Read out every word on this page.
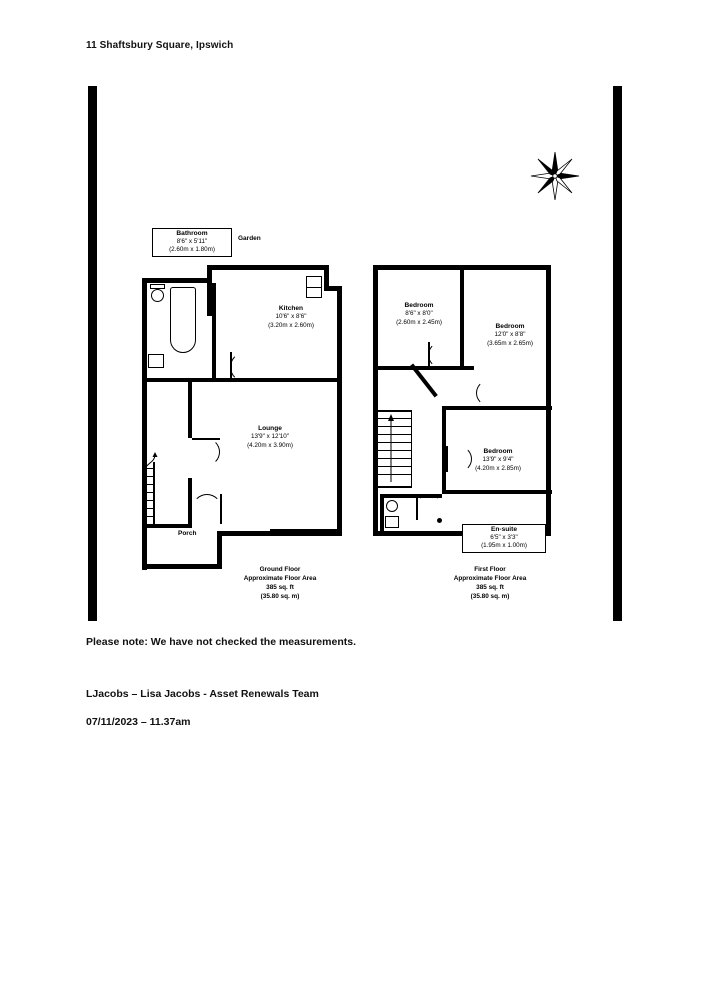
11 Shaftsbury Square, Ipswich
Bathroom
8'6" x 5'11"
(2.60m x 1.80m)
Garden
Kitchen
10'6" x 8'6"
(3.20m x 2.60m)
Lounge
13'9" x 12'10"
(4.20m x 3.90m)
Porch
Ground Floor
Approximate Floor Area
385 sq. ft
(35.80 sq. m)
Bedroom
8'6" x 8'0"
(2.60m x 2.45m)
Bedroom
12'0" x 8'8"
(3.65m x 2.65m)
Bedroom
13'9" x 9'4"
(4.20m x 2.85m)
En-suite
6'5" x 3'3"
(1.95m x 1.00m)
First Floor
Approximate Floor Area
385 sq. ft
(35.80 sq. m)
Please note: We have not checked the measurements.
LJacobs – Lisa Jacobs - Asset Renewals Team
07/11/2023 – 11.37am
